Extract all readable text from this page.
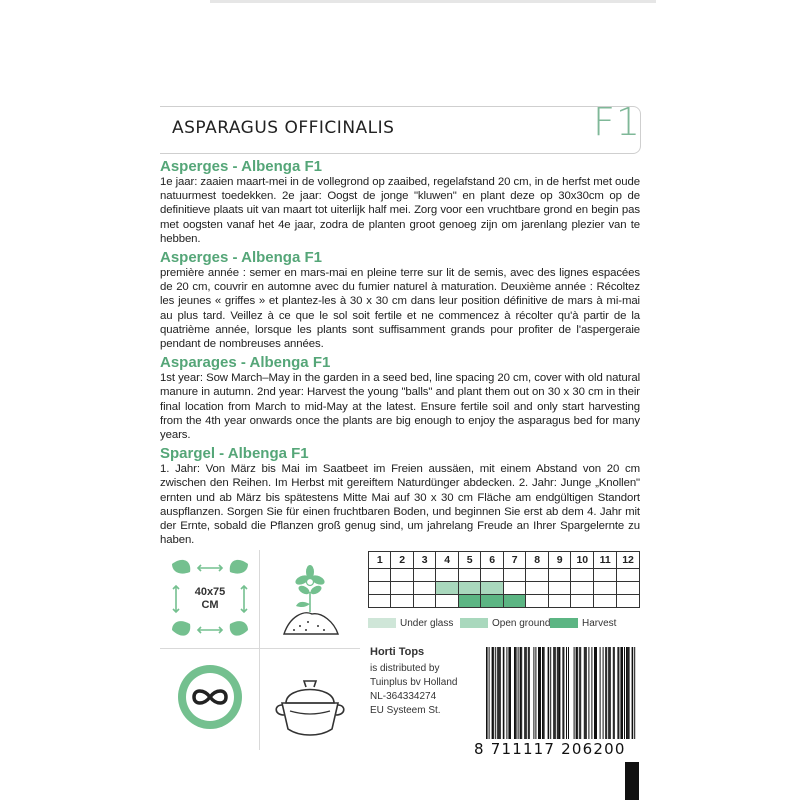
ASPARAGUS OFFICINALIS	F1
Asperges - Albenga F1

1e jaar: zaaien maart-mei in de vollegrond op zaaibed, regelafstand 20 cm, in de herfst met oude natuurmest toedekken. 2e jaar: Oogst de jonge "kluwen" en plant deze op 30x30cm op de definitieve plaats uit van maart tot uiterlijk half mei. Zorg voor een vruchtbare grond en begin pas met oogsten vanaf het 4e jaar, zodra de planten groot genoeg zijn om jarenlang plezier van te hebben.

Asperges - Albenga F1

première année : semer en mars-mai en pleine terre sur lit de semis, avec des lignes espacées de 20 cm, couvrir en automne avec du fumier naturel à maturation. Deuxième année : Récoltez les jeunes « griffes » et plantez-les à 30 x 30 cm dans leur position définitive de mars à mi-mai au plus tard. Veillez à ce que le sol soit fertile et ne commencez à récolter qu'à partir de la quatrième année, lorsque les plants sont suffisamment grands pour profiter de l'aspergeraie pendant de nombreuses années.

Asparages - Albenga F1

1st year: Sow March–May in the garden in a seed bed, line spacing 20 cm, cover with old natural manure in autumn. 2nd year: Harvest the young "balls" and plant them out on 30 x 30 cm in their final location from March to mid-May at the latest. Ensure fertile soil and only start harvesting from the 4th year onwards once the plants are big enough to enjoy the asparagus bed for many years.

Spargel - Albenga F1

1. Jahr: Von März bis Mai im Saatbeet im Freien aussäen, mit einem Abstand von 20 cm zwischen den Reihen. Im Herbst mit gereiftem Naturdünger abdecken. 2. Jahr: Junge „Knollen" ernten und ab März bis spätestens Mitte Mai auf 30 x 30 cm Fläche am endgültigen Standort auspflanzen. Sorgen Sie für einen fruchtbaren Boden, und beginnen Sie erst ab dem 4. Jahr mit der Ernte, sobald die Pflanzen groß genug sind, um jahrelang Freude an Ihrer Spargelernte zu haben.

40x75
CM
1	2	3	4	5	6	7	8	9	10	11	12

Under glass	Open ground	Harvest
Horti Tops
is distributed by
Tuinplus bv Holland
NL-364334274
EU Systeem St.
8 711117 206200
